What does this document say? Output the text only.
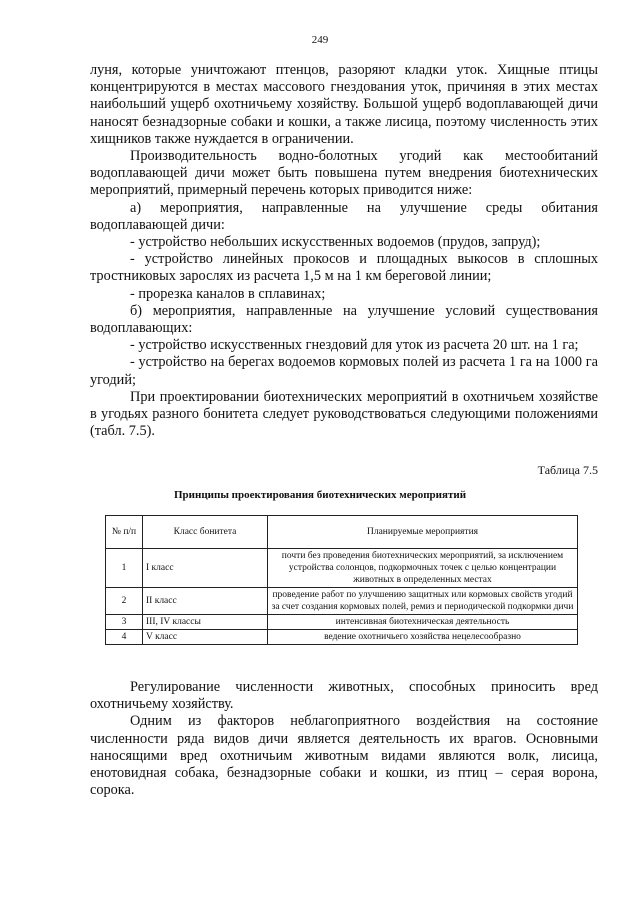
249

луня, которые уничтожают птенцов, разоряют кладки уток. Хищные птицы концентрируются в местах массового гнездования уток, причиняя в этих местах наибольший ущерб охотничьему хозяйству. Большой ущерб водоплавающей дичи наносят безнадзорные собаки и кошки, а также лисица, поэтому численность этих хищников также нуждается в ограничении.

Производительность водно-болотных угодий как местообитаний водоплавающей дичи может быть повышена путем внедрения биотехнических мероприятий, примерный перечень которых приводится ниже:

а) мероприятия, направленные на улучшение среды обитания водоплавающей дичи:

- устройство небольших искусственных водоемов (прудов, запруд);

- устройство линейных прокосов и площадных выкосов в сплошных тростниковых зарослях из расчета 1,5 м на 1 км береговой линии;

- прорезка каналов в сплавинах;

б) мероприятия, направленные на улучшение условий существования водоплавающих:

- устройство искусственных гнездовий для уток из расчета 20 шт. на 1 га;

- устройство на берегах водоемов кормовых полей из расчета 1 га на 1000 га угодий;

При проектировании биотехнических мероприятий в охотничьем хозяйстве в угодьях разного бонитета следует руководствоваться следующими положениями (табл. 7.5).

Таблица 7.5
Принципы проектирования биотехнических мероприятий
№ п/п	Класс бонитета	Планируемые мероприятия
1	I класс	почти без проведения биотехнических мероприятий, за исключением устройства солонцов, подкормочных точек с целью концентрации животных в определенных местах
2	II класс	проведение работ по улучшению защитных или кормовых свойств угодий за счет создания кормовых полей, ремиз и периодической подкормки дичи
3	III, IV классы	интенсивная биотехническая деятельность
4	V класс	ведение охотничьего хозяйства нецелесообразно

Регулирование численности животных, способных приносить вред охотничьему хозяйству.

Одним из факторов неблагоприятного воздействия на состояние численности ряда видов дичи является деятельность их врагов. Основными наносящими вред охотничьим животным видами являются волк, лисица, енотовидная собака, безнадзорные собаки и кошки, из птиц – серая ворона, сорока.
